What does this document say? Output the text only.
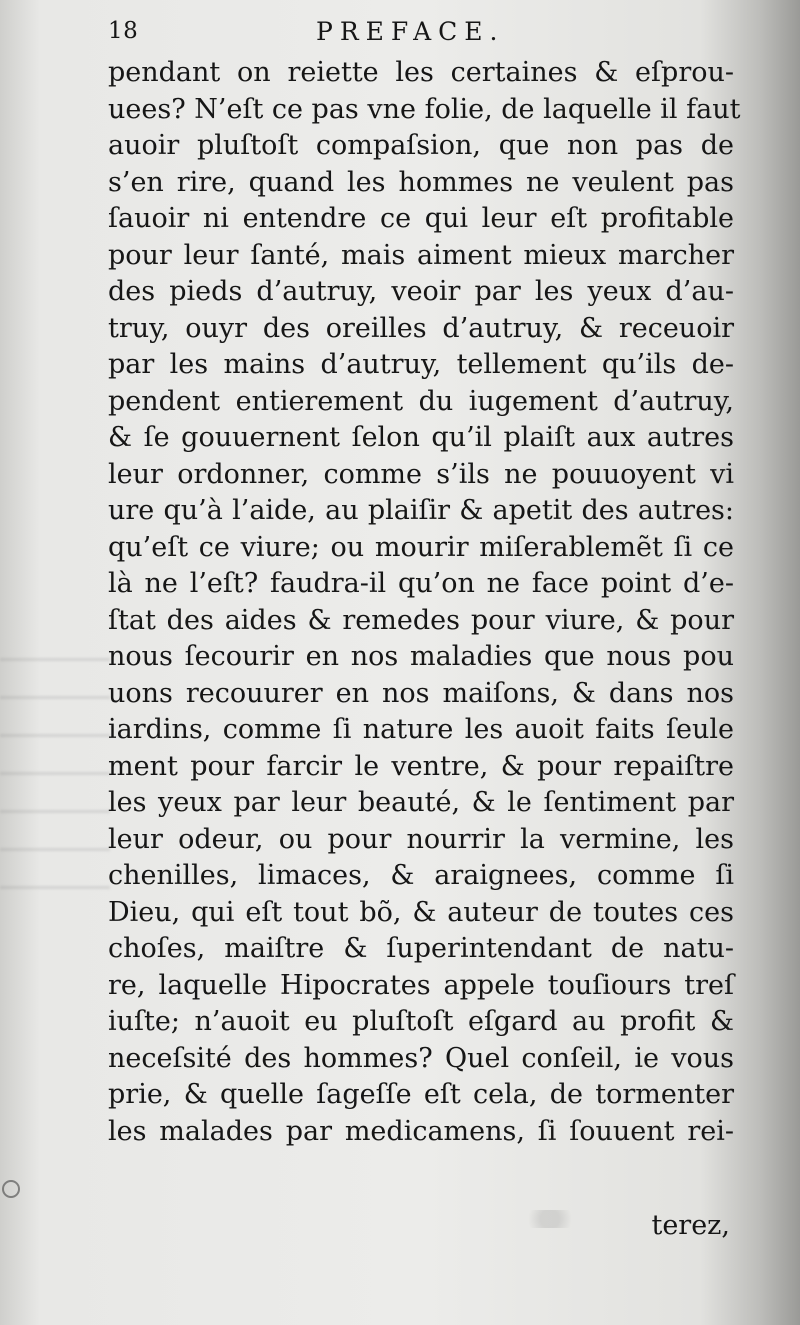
18	PREFACE.
pendant on reiette les certaines & eſprou-
uees? N’eſt ce pas vne folie, de laquelle il faut
auoir pluſtoſt compaſsion, que non pas de
s’en rire, quand les hommes ne veulent pas
ſauoir ni entendre ce qui leur eſt profitable
pour leur ſanté, mais aiment mieux marcher
des pieds d’autruy, veoir par les yeux d’au-
truy, ouyr des oreilles d’autruy, & receuoir
par les mains d’autruy, tellement qu’ils de-
pendent entierement du iugement d’autruy,
& ſe gouuernent ſelon qu’il plaiſt aux autres
leur ordonner, comme s’ils ne pouuoyent vi
ure qu’à l’aide, au plaiſir & apetit des autres:
qu’eſt ce viure; ou mourir miſerablemẽt ſi ce
là ne l’eſt? faudra-il qu’on ne face point d’e-
ſtat des aides & remedes pour viure, & pour
nous ſecourir en nos maladies que nous pou
uons recouurer en nos maiſons, & dans nos
iardins, comme ſi nature les auoit faits ſeule
ment pour farcir le ventre, & pour repaiſtre
les yeux par leur beauté, & le ſentiment par
leur odeur, ou pour nourrir la vermine, les
chenilles, limaces, & araignees, comme ſi
Dieu, qui eſt tout bõ, & auteur de toutes ces
choſes, maiſtre & ſuperintendant de natu-
re, laquelle Hipocrates appele touſiours treſ
iuſte; n’auoit eu pluſtoſt eſgard au profit &
neceſsité des hommes? Quel conſeil, ie vous
prie, & quelle ſageſſe eſt cela, de tormenter
les malades par medicamens, ſi ſouuent rei-
terez,
